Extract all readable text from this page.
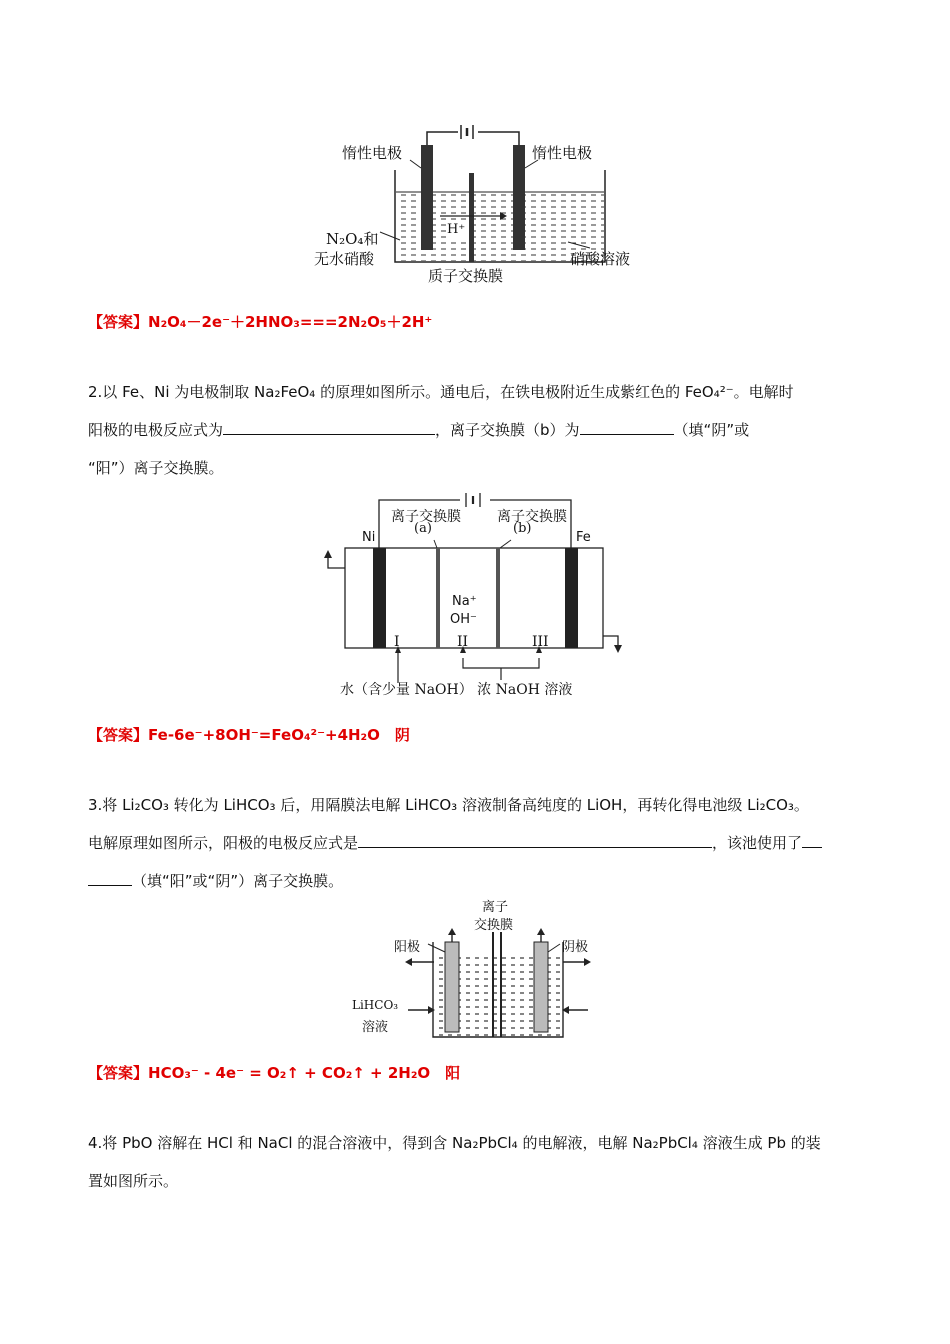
惰性电极	惰性电极
H⁺
N₂O₄和
无水硝酸	硝酸溶液
质子交换膜
【答案】N₂O₄－2e⁻＋2HNO₃===2N₂O₅＋2H⁺
2.以 Fe、Ni 为电极制取 Na₂FeO₄ 的原理如图所示。通电后，在铁电极附近生成紫红色的 FeO₄²⁻。电解时
阳极的电极反应式为	，离子交换膜（b）为	（填“阴”或
“阳”）离子交换膜。
离子交换膜	离子交换膜
(a)	(b)
Ni	Fe
Na⁺
OH⁻
I	II	III
水（含少量 NaOH） 浓 NaOH 溶液
【答案】Fe-6e⁻+8OH⁻=FeO₄²⁻+4H₂O　阴
3.将 Li₂CO₃ 转化为 LiHCO₃ 后，用隔膜法电解 LiHCO₃ 溶液制备高纯度的 LiOH，再转化得电池级 Li₂CO₃。
电解原理如图所示，阳极的电极反应式是	，该池使用了
（填“阳”或“阴”）离子交换膜。
离子
交换膜
阳极	阴极
LiHCO₃
溶液
【答案】HCO₃⁻ - 4e⁻ = O₂↑ + CO₂↑ + 2H₂O　阳
4.将 PbO 溶解在 HCl 和 NaCl 的混合溶液中，得到含 Na₂PbCl₄ 的电解液，电解 Na₂PbCl₄ 溶液生成 Pb 的装
置如图所示。
